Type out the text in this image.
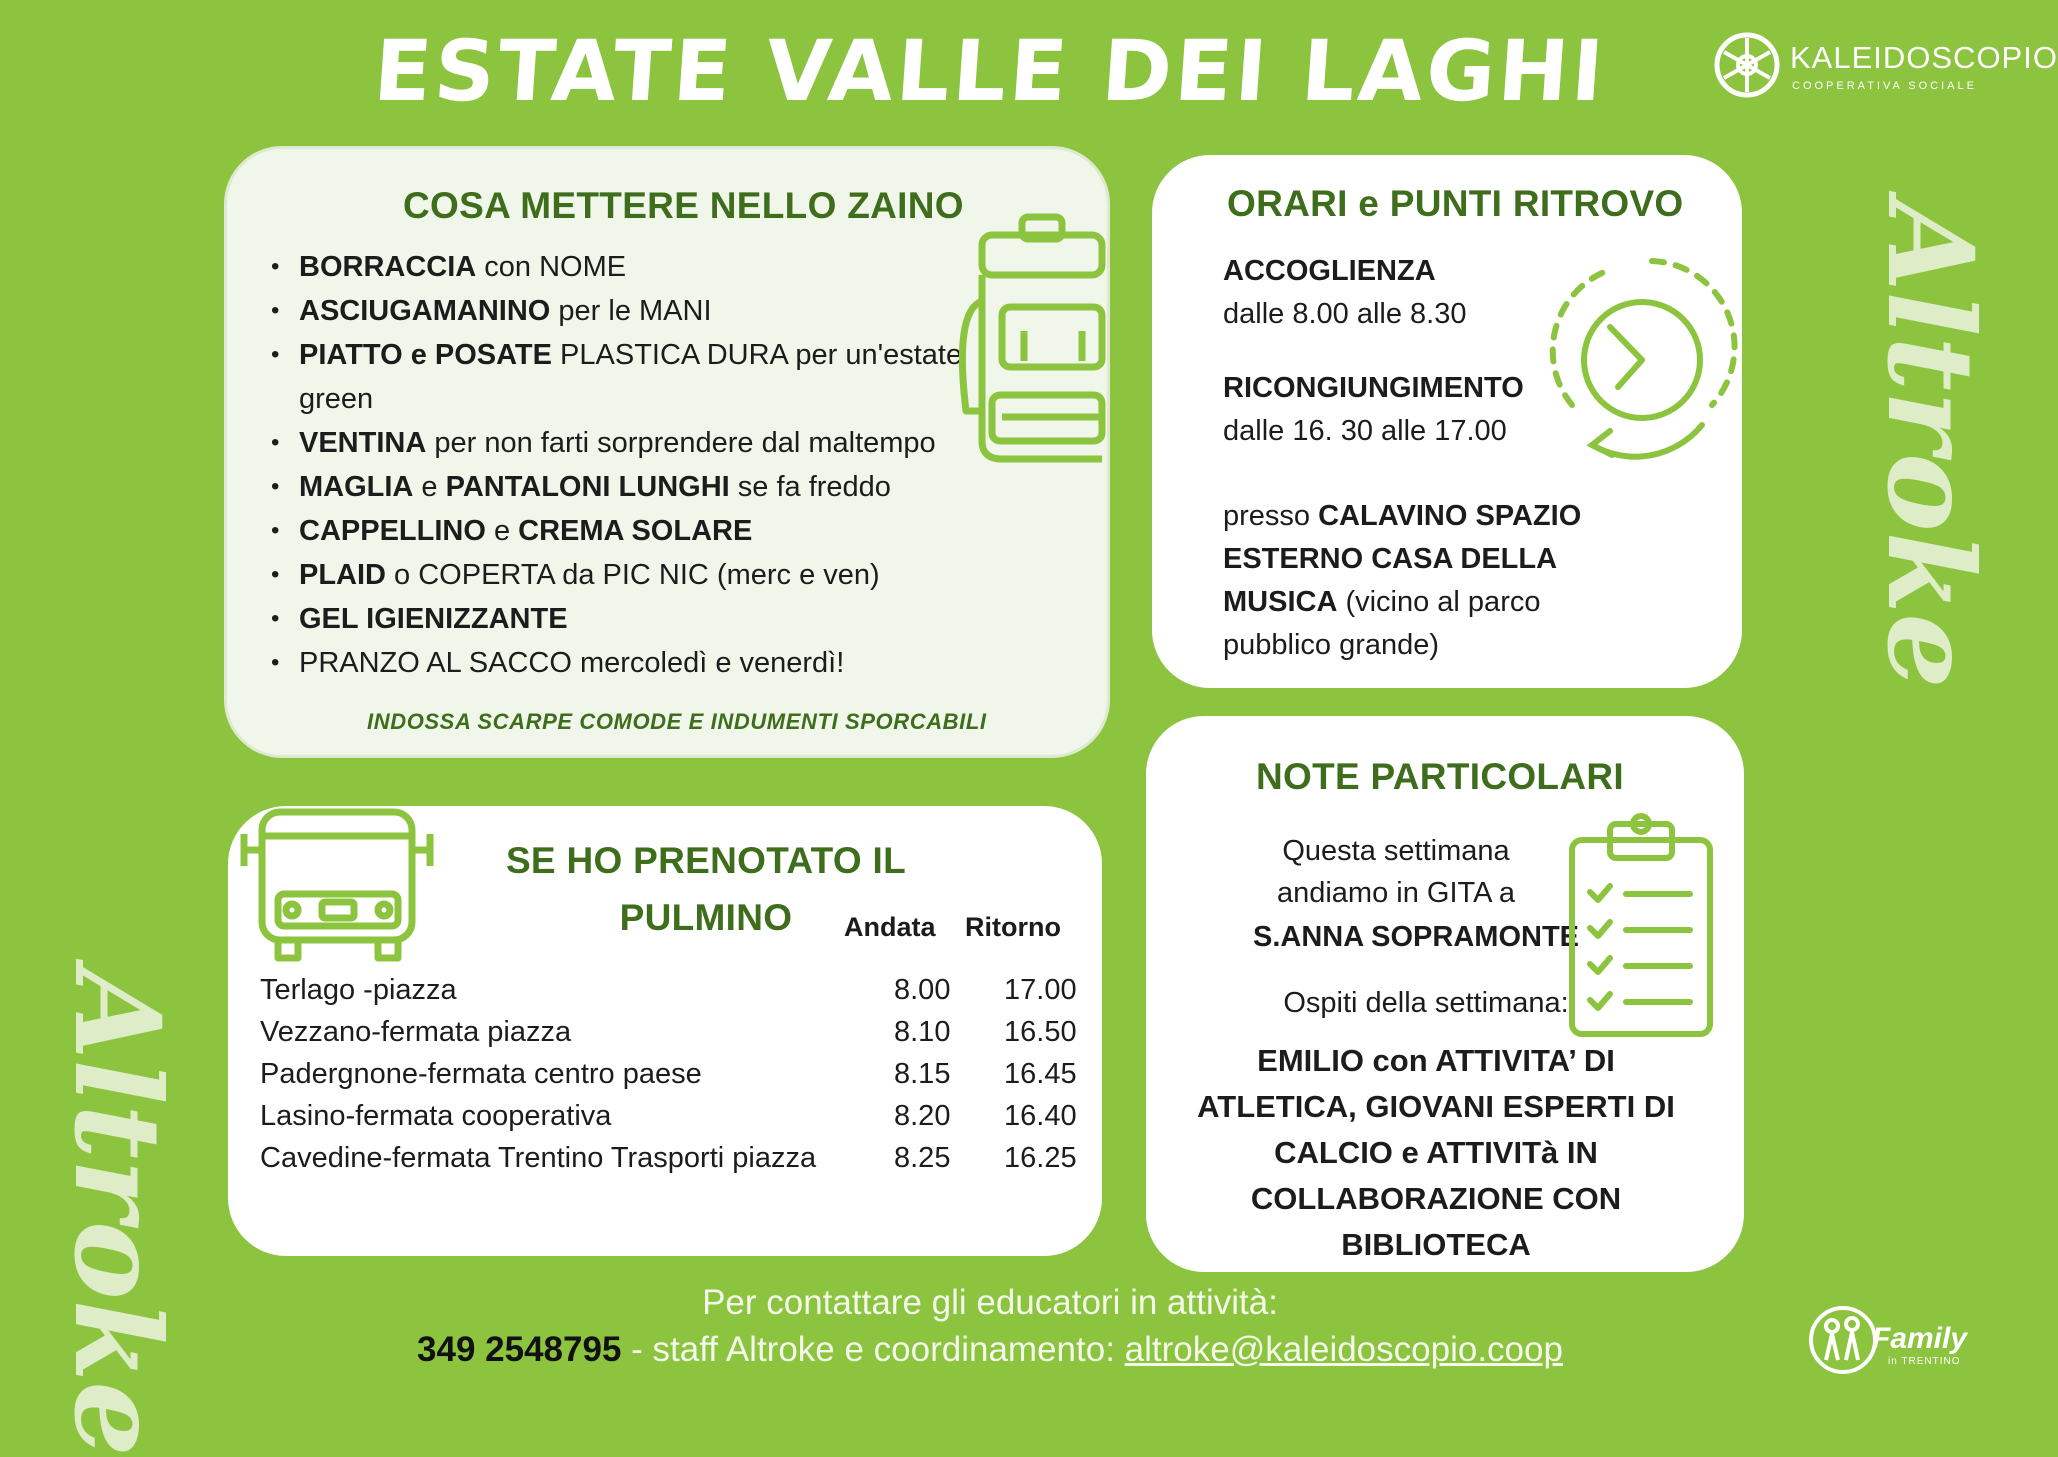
ESTATE VALLE DEI LAGHI	KALEIDOSCOPIO
COOPERATIVA SOCIALE
Altroke
Altroke
COSA METTERE NELLO ZAINO
• BORRACCIA con NOME
• ASCIUGAMANINO per le MANI
• PIATTO e POSATE PLASTICA DURA per un'estate green
• VENTINA per non farti sorprendere dal maltempo
• MAGLIA e PANTALONI LUNGHI se fa freddo
• CAPPELLINO e CREMA SOLARE
• PLAID o COPERTA da PIC NIC (merc e ven)
• GEL IGIENIZZANTE
• PRANZO AL SACCO mercoledì e venerdì!
INDOSSA SCARPE COMODE E INDUMENTI SPORCABILI
ORARI e PUNTI RITROVO
ACCOGLIENZA
dalle 8.00 alle 8.30
RICONGIUNGIMENTO
dalle 16. 30 alle 17.00
presso CALAVINO SPAZIO
ESTERNO CASA DELLA
MUSICA (vicino al parco
pubblico grande)
SE HO PRENOTATO IL PULMINO	Andata Ritorno
Terlago -piazza	8.00 17.00
Vezzano-fermata piazza	8.10 16.50
Padergnone-fermata centro paese	8.15 16.45
Lasino-fermata cooperativa	8.20 16.40
Cavedine-fermata Trentino Trasporti piazza	8.25 16.25
NOTE PARTICOLARI
Questa settimana
andiamo in GITA a
S.ANNA SOPRAMONTE
Ospiti della settimana:
EMILIO con ATTIVITA’ DI
ATLETICA, GIOVANI ESPERTI DI
CALCIO e ATTIVITà IN
COLLABORAZIONE CON
BIBLIOTECA
Per contattare gli educatori in attività:
349 2548795 - staff Altroke e coordinamento: altroke@kaleidoscopio.coop	Family
in TRENTINO
